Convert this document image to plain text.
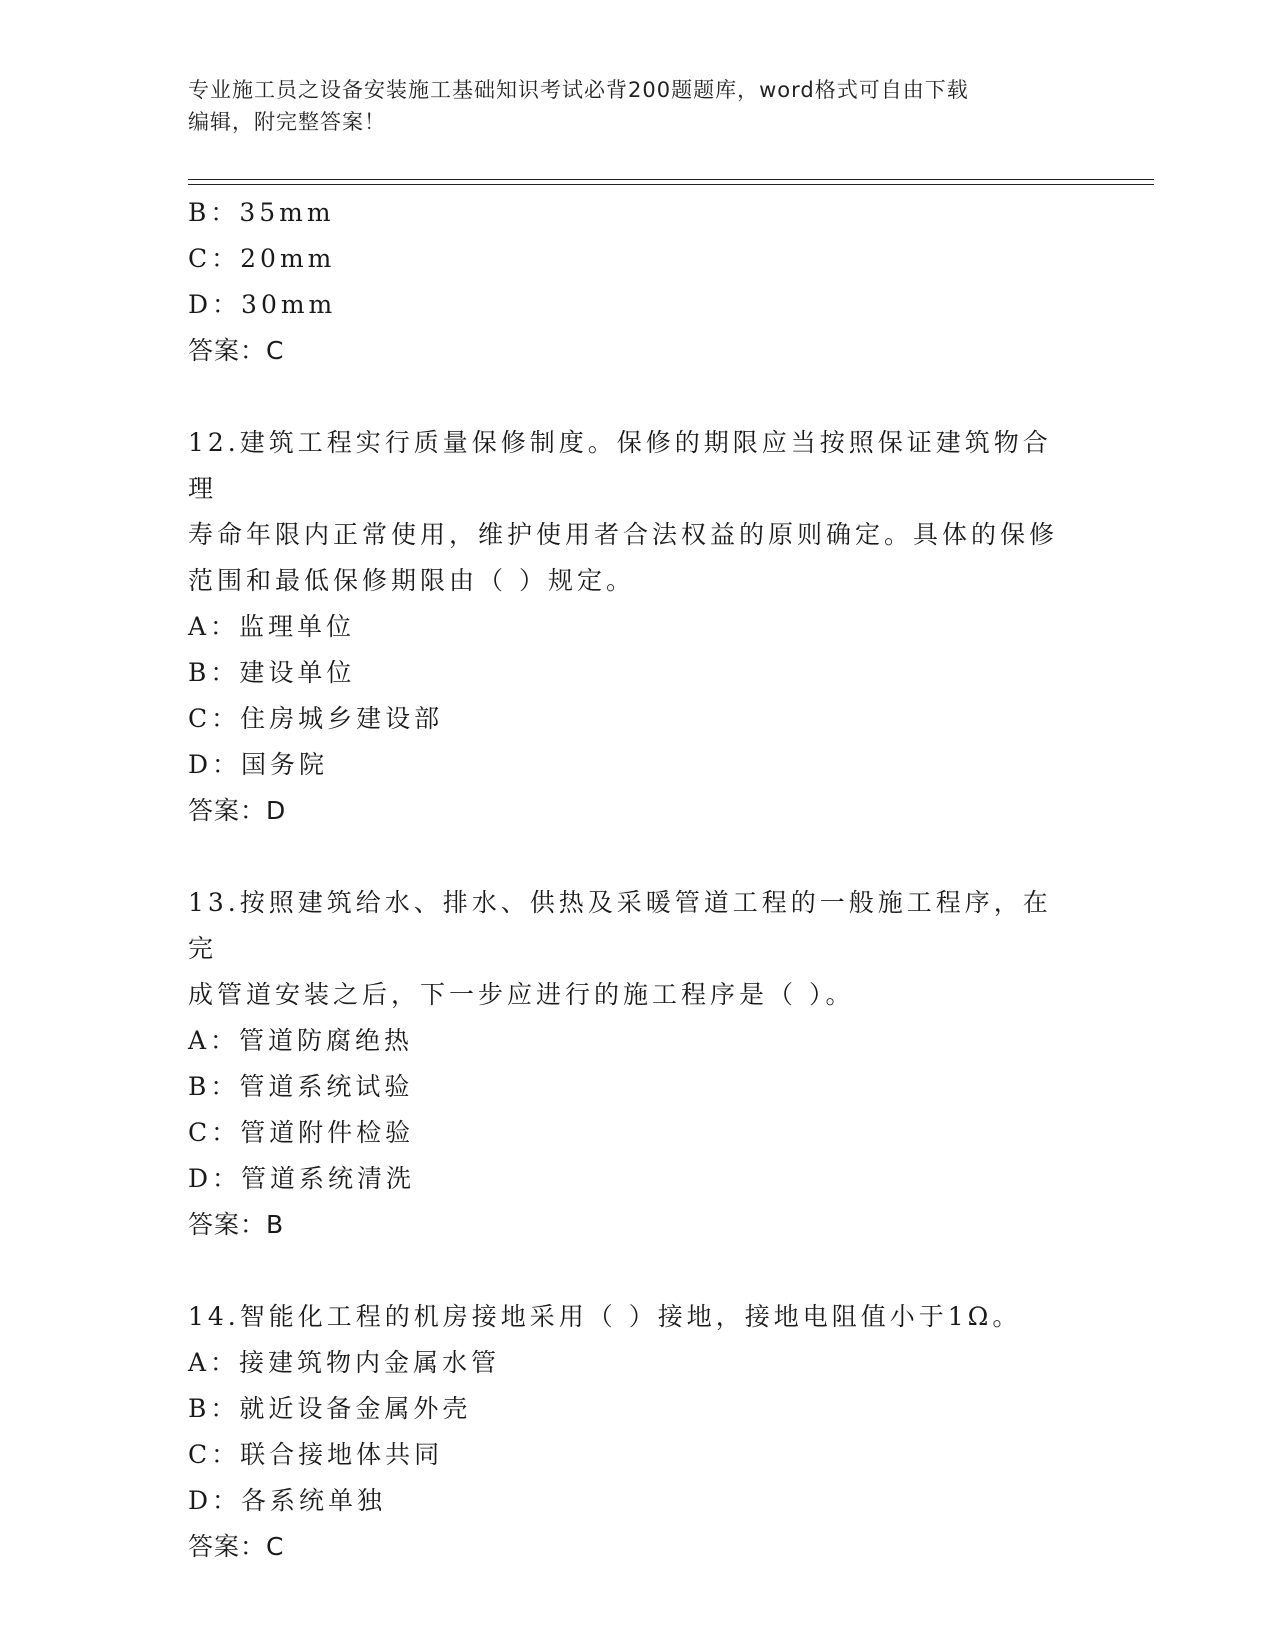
专业施工员之设备安装施工基础知识考试必背200题题库，word格式可自由下载
编辑，附完整答案！
B：35mm
C：20mm
D：30mm
答案：C
12.建筑工程实行质量保修制度。保修的期限应当按照保证建筑物合理
寿命年限内正常使用，维护使用者合法权益的原则确定。具体的保修
范围和最低保修期限由（ ）规定。
A：监理单位
B：建设单位
C：住房城乡建设部
D：国务院
答案：D
13.按照建筑给水、排水、供热及采暖管道工程的一般施工程序，在完
成管道安装之后，下一步应进行的施工程序是（ ）。
A：管道防腐绝热
B：管道系统试验
C：管道附件检验
D：管道系统清洗
答案：B
14.智能化工程的机房接地采用（ ）接地，接地电阻值小于1Ω。
A：接建筑物内金属水管
B：就近设备金属外壳
C：联合接地体共同
D：各系统单独
答案：C
